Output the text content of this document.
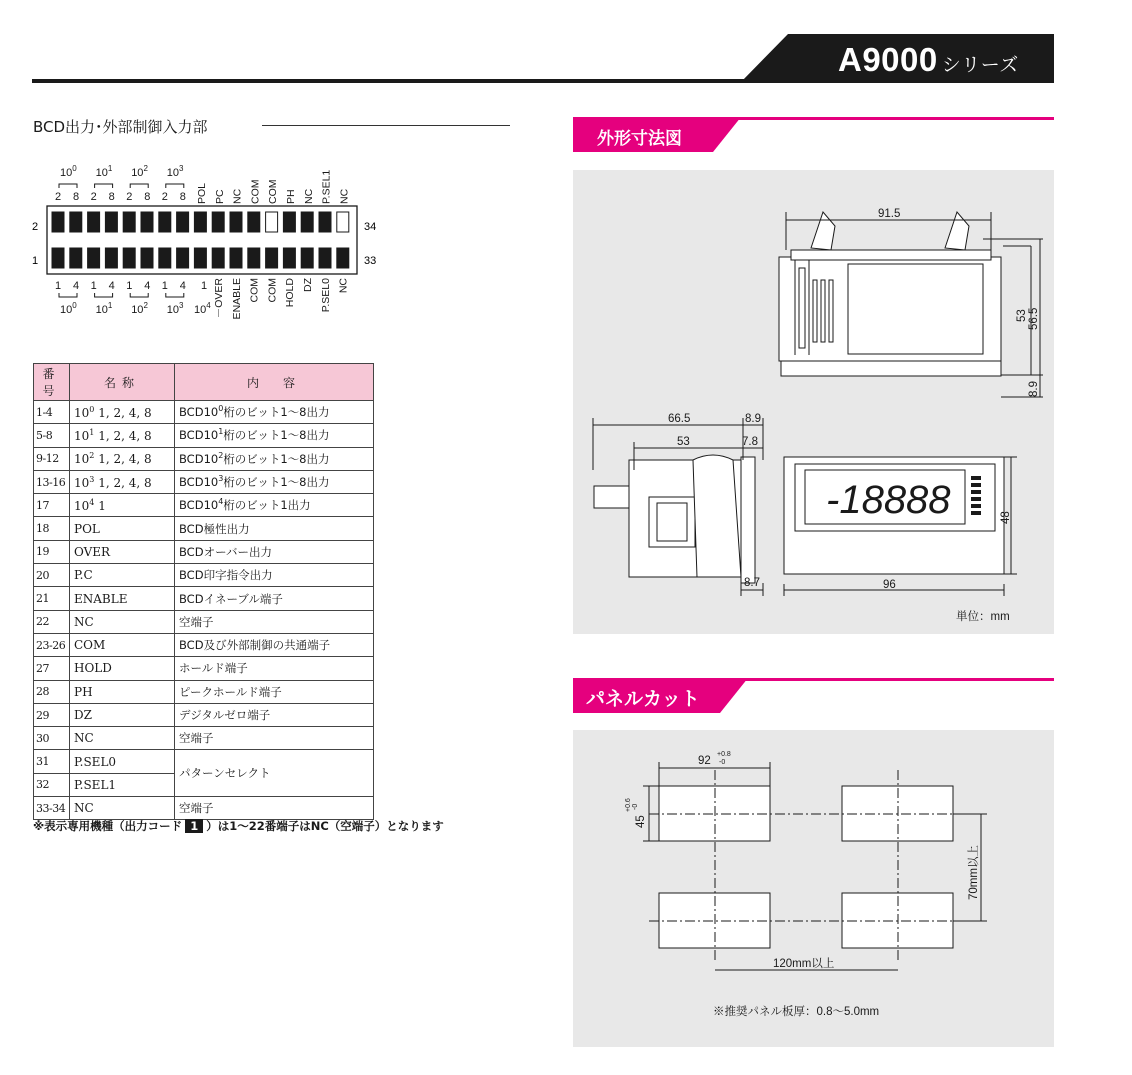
A9000 シリーズ
BCD出力･外部制御入力部
$10^0$
2 8
$10^1$
2 8
$10^2$
2 8
$10^3$
2 8 POL PC NC COM COM PH NC P.SEL1 NC
2
1
34
33
1 4
$10^0$
1 4
$10^1$
1 4
$10^2$
1 4
$10^3$
1
$10^4$ －OVER ENABLE COM COM HOLD DZ P.SEL0 NC
番号	名称	内　容
1-4	$10^0$ 1, 2, 4, 8	$BCD10^0$桁のビット1～8出力
5-8	$10^1$ 1, 2, 4, 8	$BCD10^1$桁のビット1～8出力
9-12	$10^2$ 1, 2, 4, 8	$BCD10^2$桁のビット1～8出力
13-16	$10^3$ 1, 2, 4, 8	$BCD10^3$桁のビット1～8出力
17	$10^4$ 1	$BCD10^4$桁のビット1出力
18	POL	BCD極性出力
19	OVER	BCDオーバー出力
20	P.C	BCD印字指令出力
21	ENABLE	BCDイネーブル端子
22	NC	空端子
23-26	COM	BCD及び外部制御の共通端子
27	HOLD	ホールド端子
28	PH	ピークホールド端子
29	DZ	デジタルゼロ端子
30	NC	空端子
31	P.SEL0	パターンセレクト
32	P.SEL1	
33-34	NC	空端子
※表示専用機種（出力コード 1 ）は1～22番端子はNC（空端子）となります
外形寸法図
-18888
91.5
53 56.5
8.9
66.5	8.9
53	7.8
8.7	96
48
単位：mm
パネルカット
92
+0.8
-0
45
+0.6 -0
120mm以上
70mm以上
※推奨パネル板厚：0.8～5.0mm
